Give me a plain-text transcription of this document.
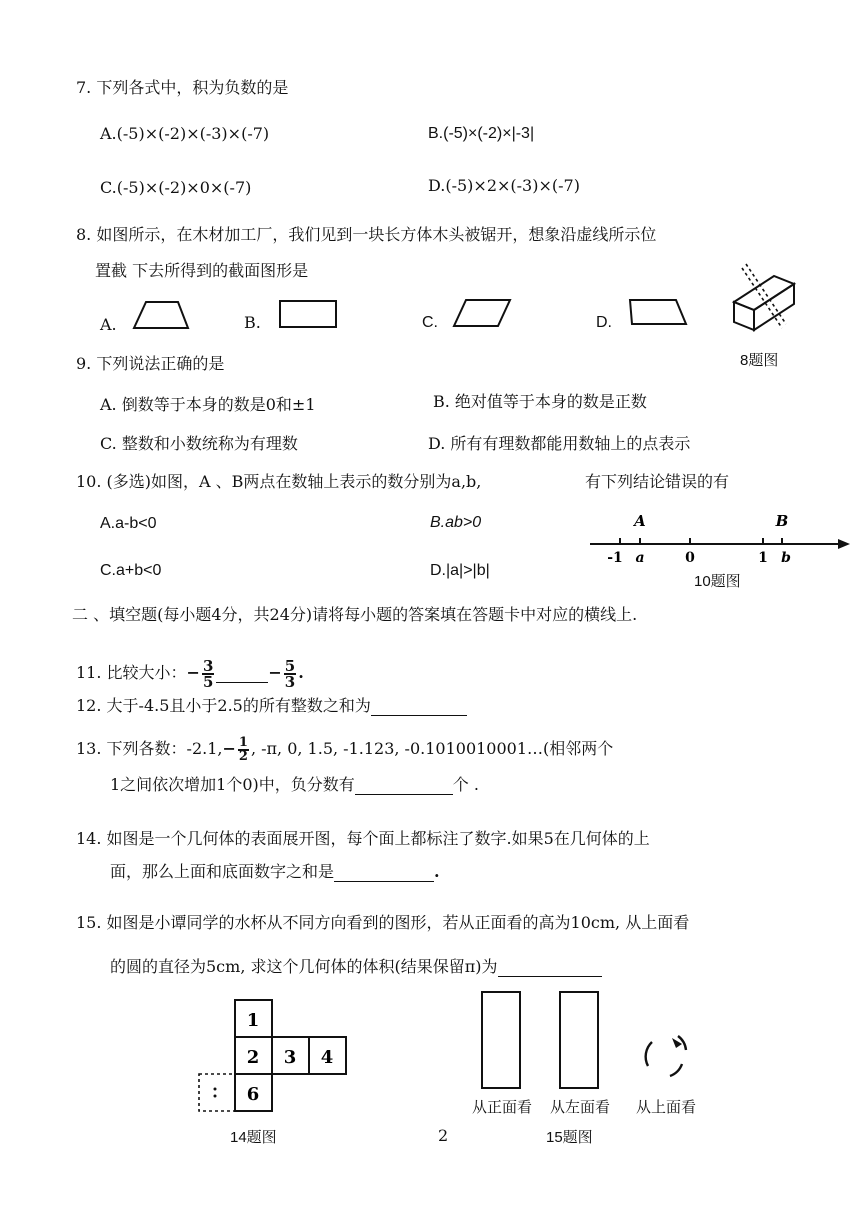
7. 下列各式中，积为负数的是
A.(-5)×(-2)×(-3)×(-7)	B.(-5)×(-2)×|-3|
C.(-5)×(-2)×0×(-7)	D.(-5)×2×(-3)×(-7)
8. 如图所示，在木材加工厂，我们见到一块长方体木头被锯开，想象沿虚线所示位
置截 下去所得到的截面图形是
A.	B.	C.	D.
8题图
9. 下列说法正确的是
A. 倒数等于本身的数是0和±1	B. 绝对值等于本身的数是正数
C. 整数和小数统称为有理数	D. 所有有理数都能用数轴上的点表示
10. (多选)如图，A 、B两点在数轴上表示的数分别为a,b,	有下列结论错误的有
A.a-b<0	B.ab>0
C.a+b<0	D.|a|>|b|
A	B
-1 a	0	1 b
10题图
二 、填空题(每小题4分，共24分)请将每小题的答案填在答题卡中对应的横线上.
11. 比较大小：− $\frac{3}{5}$	− $\frac{5}{3}$ .
12. 大于-4.5且小于2.5的所有整数之和为
13. 下列各数：$-2.1,- \frac{1}{2}$ , -π, 0, 1.5, -1.123, -0.1010010001…(相邻两个
1之间依次增加1个0)中，负分数有	个 .
14. 如图是一个几何体的表面展开图，每个面上都标注了数字.如果5在几何体的上
面，那么上面和底面数字之和是	.
15. 如图是小谭同学的水杯从不同方向看到的图形，若从正面看的高为10cm, 从上面看
的圆的直径为5cm, 求这个几何体的体积(结果保留π)为
1
2 3 4
6
14题图	2
从正面看 从左面看 从上面看
15题图
